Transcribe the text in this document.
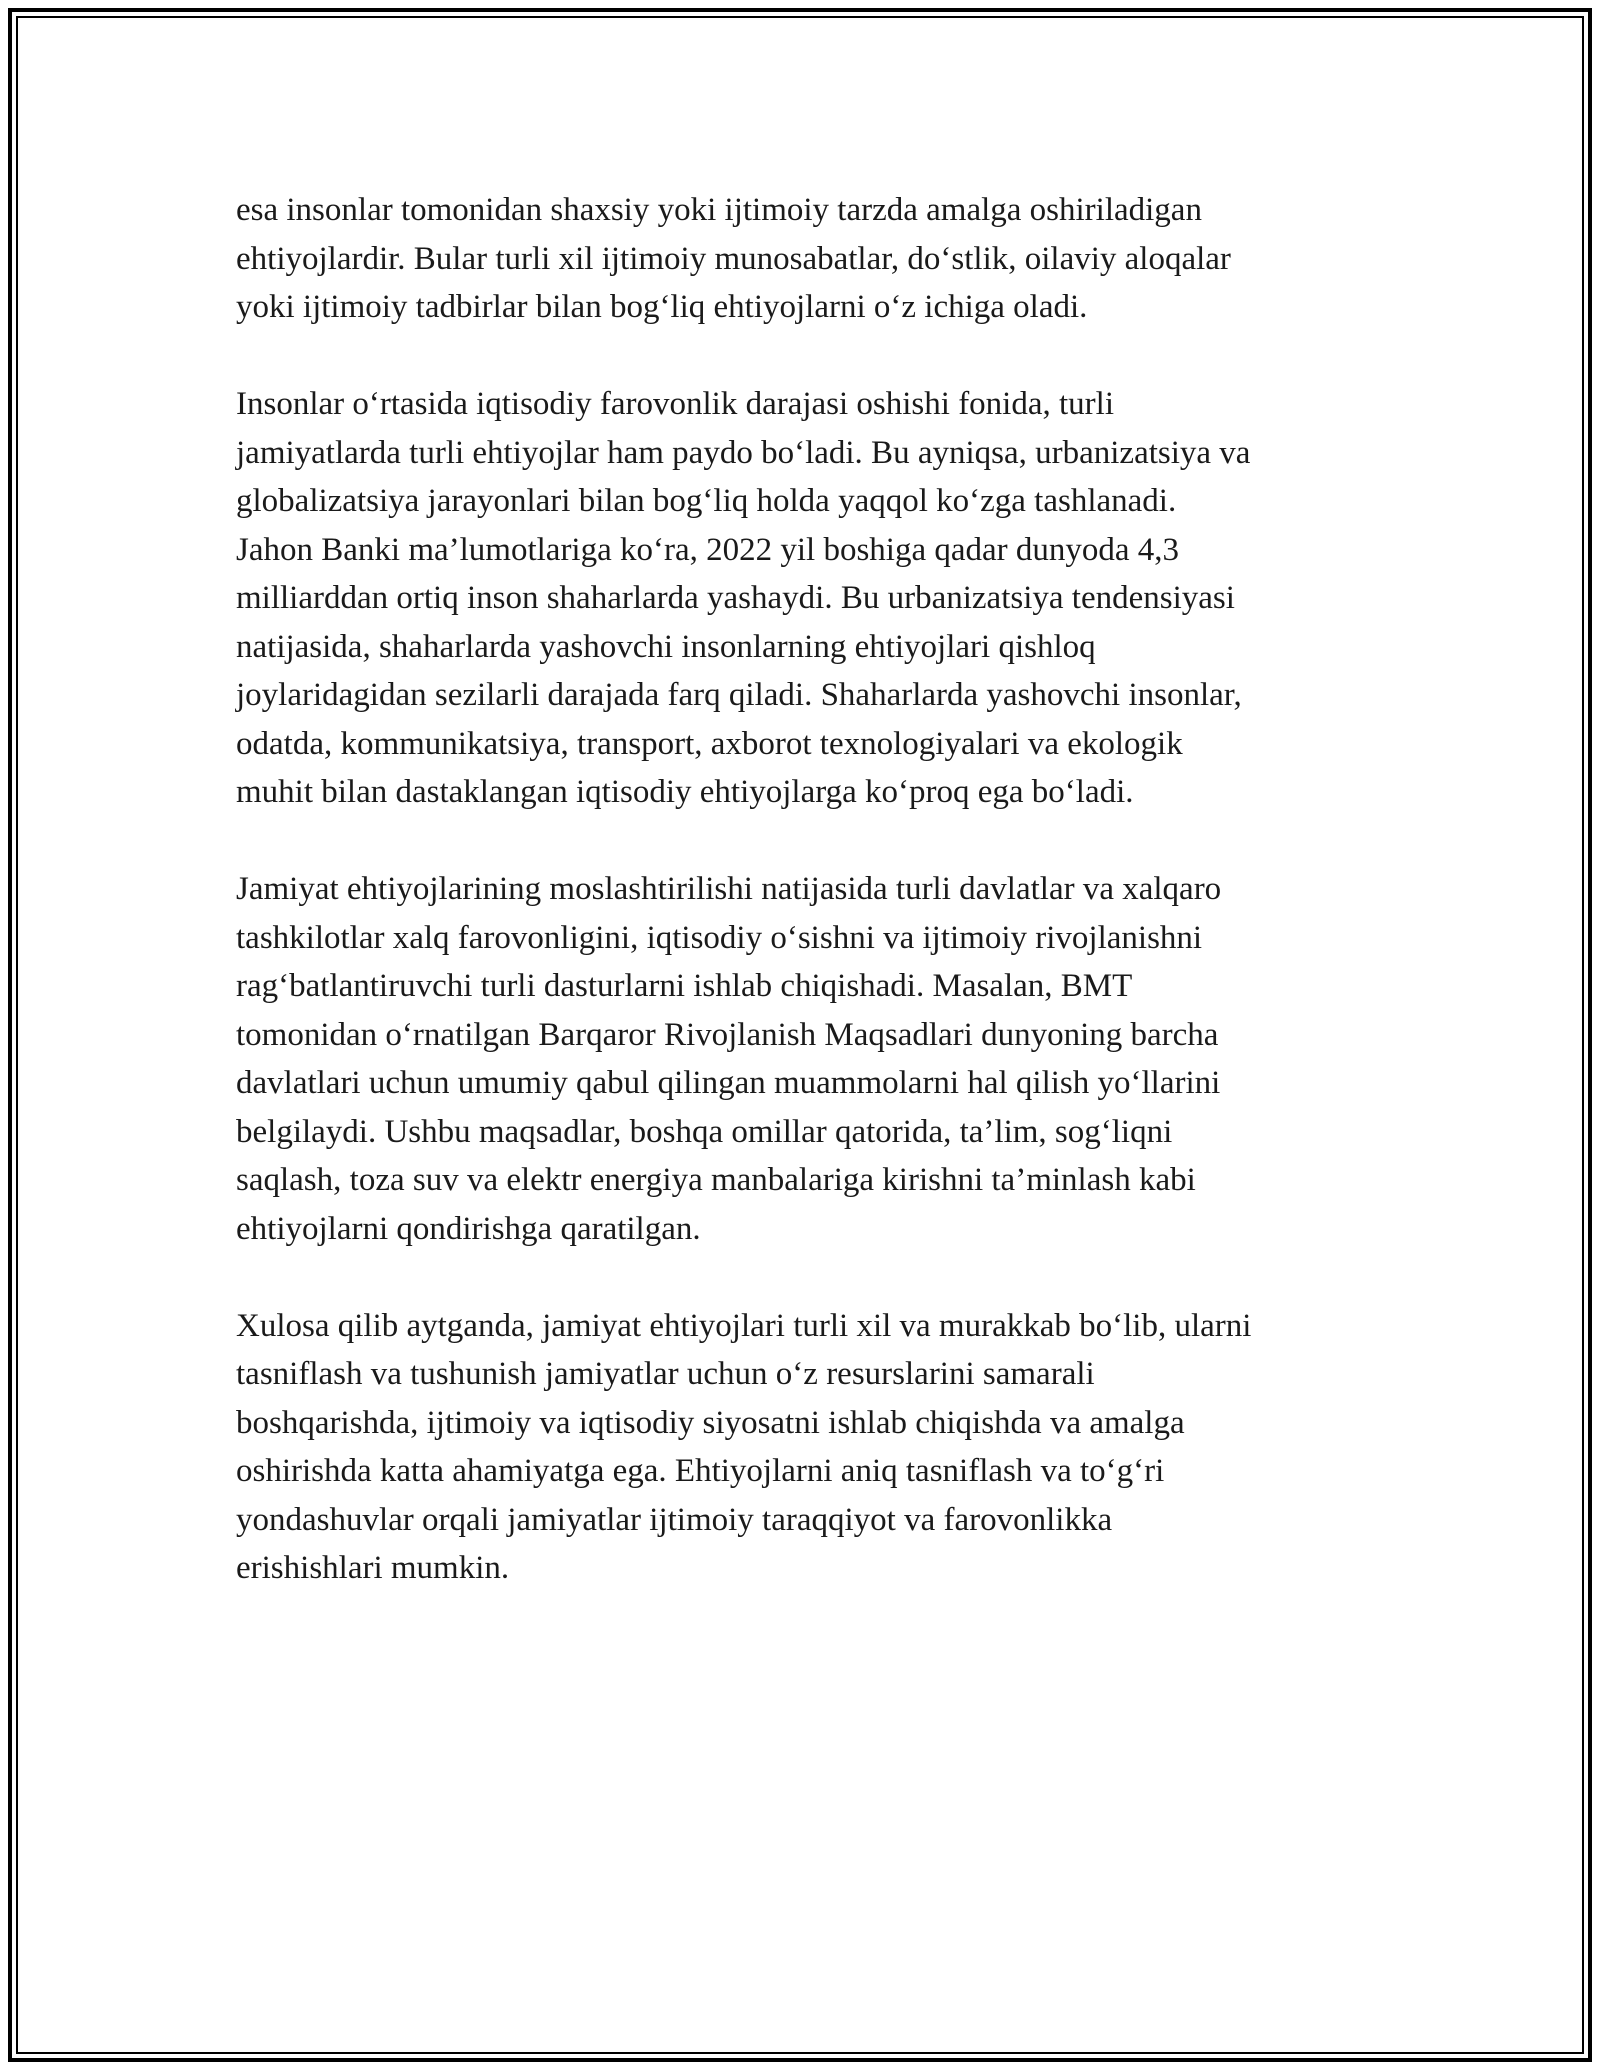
esa insonlar tomonidan shaxsiy yoki ijtimoiy tarzda amalga oshiriladigan
ehtiyojlardir. Bular turli xil ijtimoiy munosabatlar, do‘stlik, oilaviy aloqalar
yoki ijtimoiy tadbirlar bilan bog‘liq ehtiyojlarni o‘z ichiga oladi.

Insonlar o‘rtasida iqtisodiy farovonlik darajasi oshishi fonida, turli
jamiyatlarda turli ehtiyojlar ham paydo bo‘ladi. Bu ayniqsa, urbanizatsiya va
globalizatsiya jarayonlari bilan bog‘liq holda yaqqol ko‘zga tashlanadi.
Jahon Banki ma’lumotlariga ko‘ra, 2022 yil boshiga qadar dunyoda 4,3
milliarddan ortiq inson shaharlarda yashaydi. Bu urbanizatsiya tendensiyasi
natijasida, shaharlarda yashovchi insonlarning ehtiyojlari qishloq
joylaridagidan sezilarli darajada farq qiladi. Shaharlarda yashovchi insonlar,
odatda, kommunikatsiya, transport, axborot texnologiyalari va ekologik
muhit bilan dastaklangan iqtisodiy ehtiyojlarga ko‘proq ega bo‘ladi.

Jamiyat ehtiyojlarining moslashtirilishi natijasida turli davlatlar va xalqaro
tashkilotlar xalq farovonligini, iqtisodiy o‘sishni va ijtimoiy rivojlanishni
rag‘batlantiruvchi turli dasturlarni ishlab chiqishadi. Masalan, BMT
tomonidan o‘rnatilgan Barqaror Rivojlanish Maqsadlari dunyoning barcha
davlatlari uchun umumiy qabul qilingan muammolarni hal qilish yo‘llarini
belgilaydi. Ushbu maqsadlar, boshqa omillar qatorida, ta’lim, sog‘liqni
saqlash, toza suv va elektr energiya manbalariga kirishni ta’minlash kabi
ehtiyojlarni qondirishga qaratilgan.

Xulosa qilib aytganda, jamiyat ehtiyojlari turli xil va murakkab bo‘lib, ularni
tasniflash va tushunish jamiyatlar uchun o‘z resurslarini samarali
boshqarishda, ijtimoiy va iqtisodiy siyosatni ishlab chiqishda va amalga
oshirishda katta ahamiyatga ega. Ehtiyojlarni aniq tasniflash va to‘g‘ri
yondashuvlar orqali jamiyatlar ijtimoiy taraqqiyot va farovonlikka
erishishlari mumkin.
